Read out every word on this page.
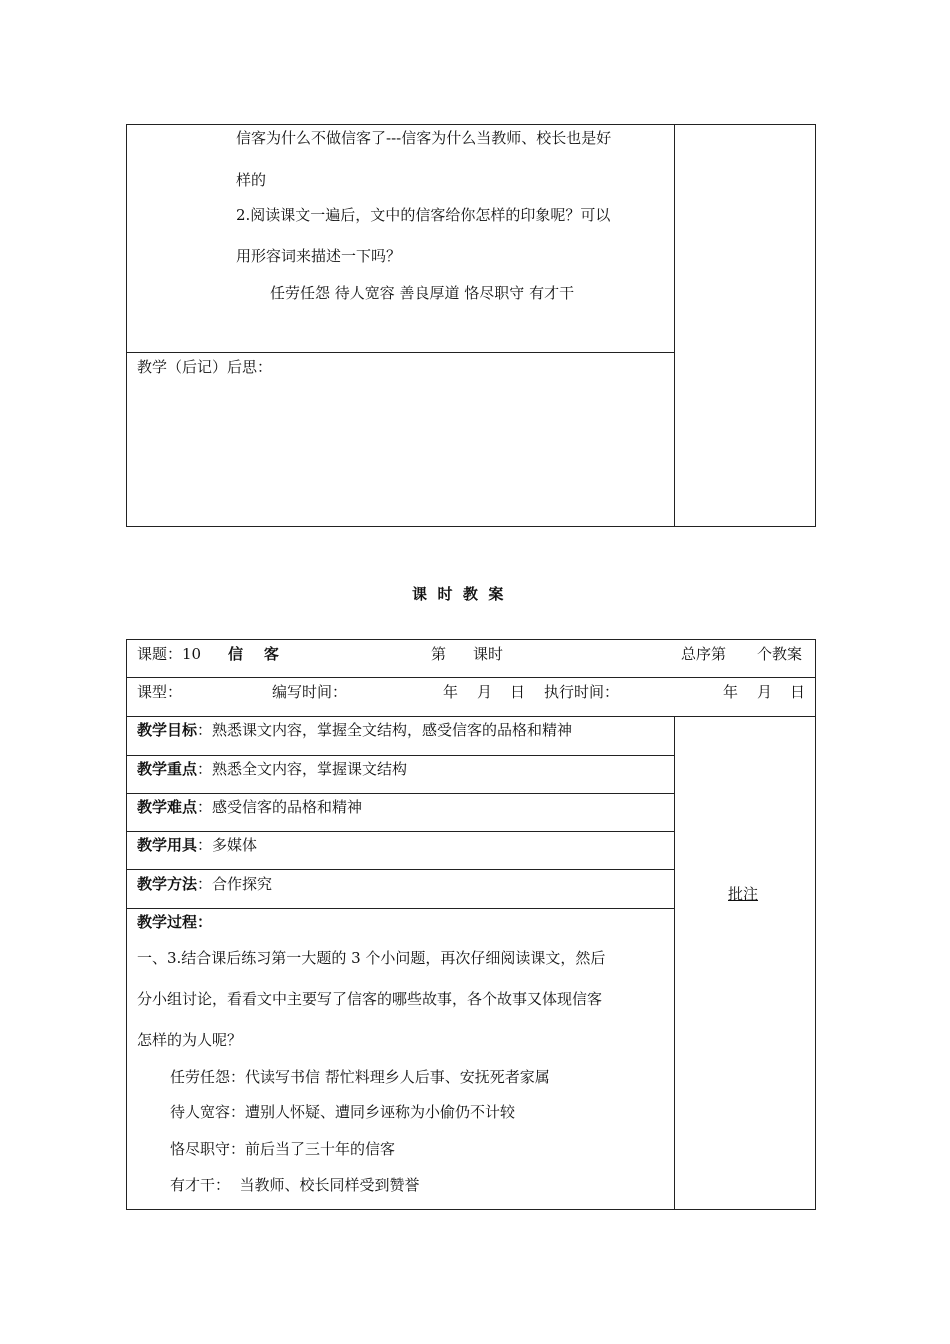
信客为什么不做信客了---信客为什么当教师、校长也是好
样的
2.阅读课文一遍后，文中的信客给你怎样的印象呢？可以
用形容词来描述一下吗？
任劳任怨 待人宽容 善良厚道 恪尽职守 有才干
教学（后记）后思：
课  时  教  案
课题：10 信    客	第 课时	总序第 个教案
课型：	编写时间：	年 月 日 执行时间：	年 月 日
教学目标：熟悉课文内容，掌握全文结构，感受信客的品格和精神
教学重点：熟悉全文内容，掌握课文结构
教学难点：感受信客的品格和精神
教学用具：多媒体
教学方法：合作探究
批注
教学过程：
一、3.结合课后练习第一大题的 3 个小问题，再次仔细阅读课文，然后
分小组讨论，看看文中主要写了信客的哪些故事，各个故事又体现信客
怎样的为人呢？
任劳任怨：代读写书信 帮忙料理乡人后事、安抚死者家属
待人宽容：遭别人怀疑、遭同乡诬称为小偷仍不计较
恪尽职守：前后当了三十年的信客
有才干：  当教师、校长同样受到赞誉
